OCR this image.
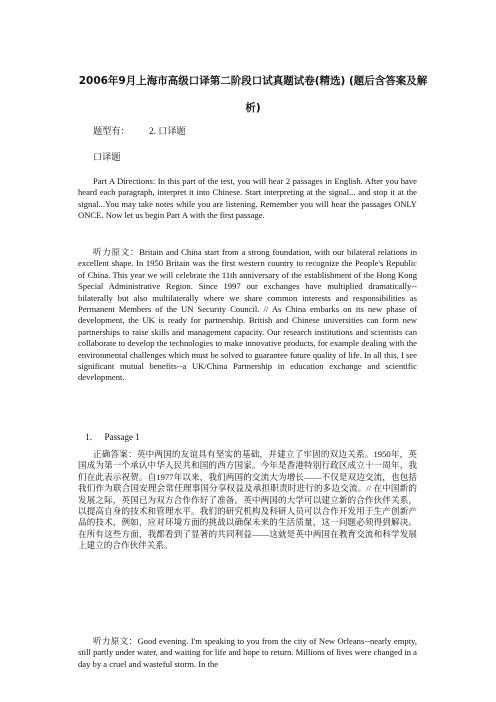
2006年9月上海市高级口译第二阶段口试真题试卷(精选) (题后含答案及解析)
题型有： 2. 口译题
口译题
Part A Directions: In this part of the test, you will hear 2 passages in English. After you have heard each paragraph, interpret it into Chinese. Start interpreting at the signal... and stop it at the signal...You may take notes while you are listening. Remember you will hear the passages ONLY ONCE. Now let us begin Part A with the first passage.
听力原文：Britain and China start from a strong foundation, with our bilateral relations in excellent shape. In 1950 Britain was the first western country to recognize the People's Republic of China. This year we will celebrate the 11th anniversary of the establishment of the Hong Kong Special Administrative Region. Since 1997 our exchanges have multiplied dramatically--bilaterally but also multilaterally where we share common interests and responsibilities as Permanent Members of the UN Security Council. // As China embarks on its new phase of development, the UK is ready for partnership. British and Chinese universities can form new partnerships to raise skills and management capacity. Our research institutions and scientists can collaborate to develop the technologies to make innovative products, for example dealing with the environmental challenges which must be solved to guarantee future quality of life. In all this, I see significant mutual benefits--a UK/China Partnership in education exchange and scientific development.
1． Passage 1
正确答案：英中两国的友谊具有坚实的基础，并建立了牢固的双边关系。1950年，英国成为第一个承认中华人民共和国的西方国家。今年是香港特别行政区成立十一周年，我们在此表示祝贺。自1977年以来，我们两国的交流大为增长——不仅是双边交流，也包括我们作为联合国安理会常任理事国分享权益及承担职责时进行的多边交流。// 在中国新的发展之际，英国已为双方合作作好了准备。英中两国的大学可以建立新的合作伙伴关系，以提高自身的技术和管理水平。我们的研究机构及科研人员可以合作开发用于生产创新产品的技术，例如，应对环境方面的挑战以确保未来的生活质量，这一问题必须得到解决。在所有这些方面，我都看到了显著的共同利益——这就是英中两国在教育交流和科学发展上建立的合作伙伴关系。
听力原文：Good evening. I'm speaking to you from the city of New Orleans--nearly empty, still partly under water, and waiting for life and hope to return. Millions of lives were changed in a day by a cruel and wasteful storm. In the
